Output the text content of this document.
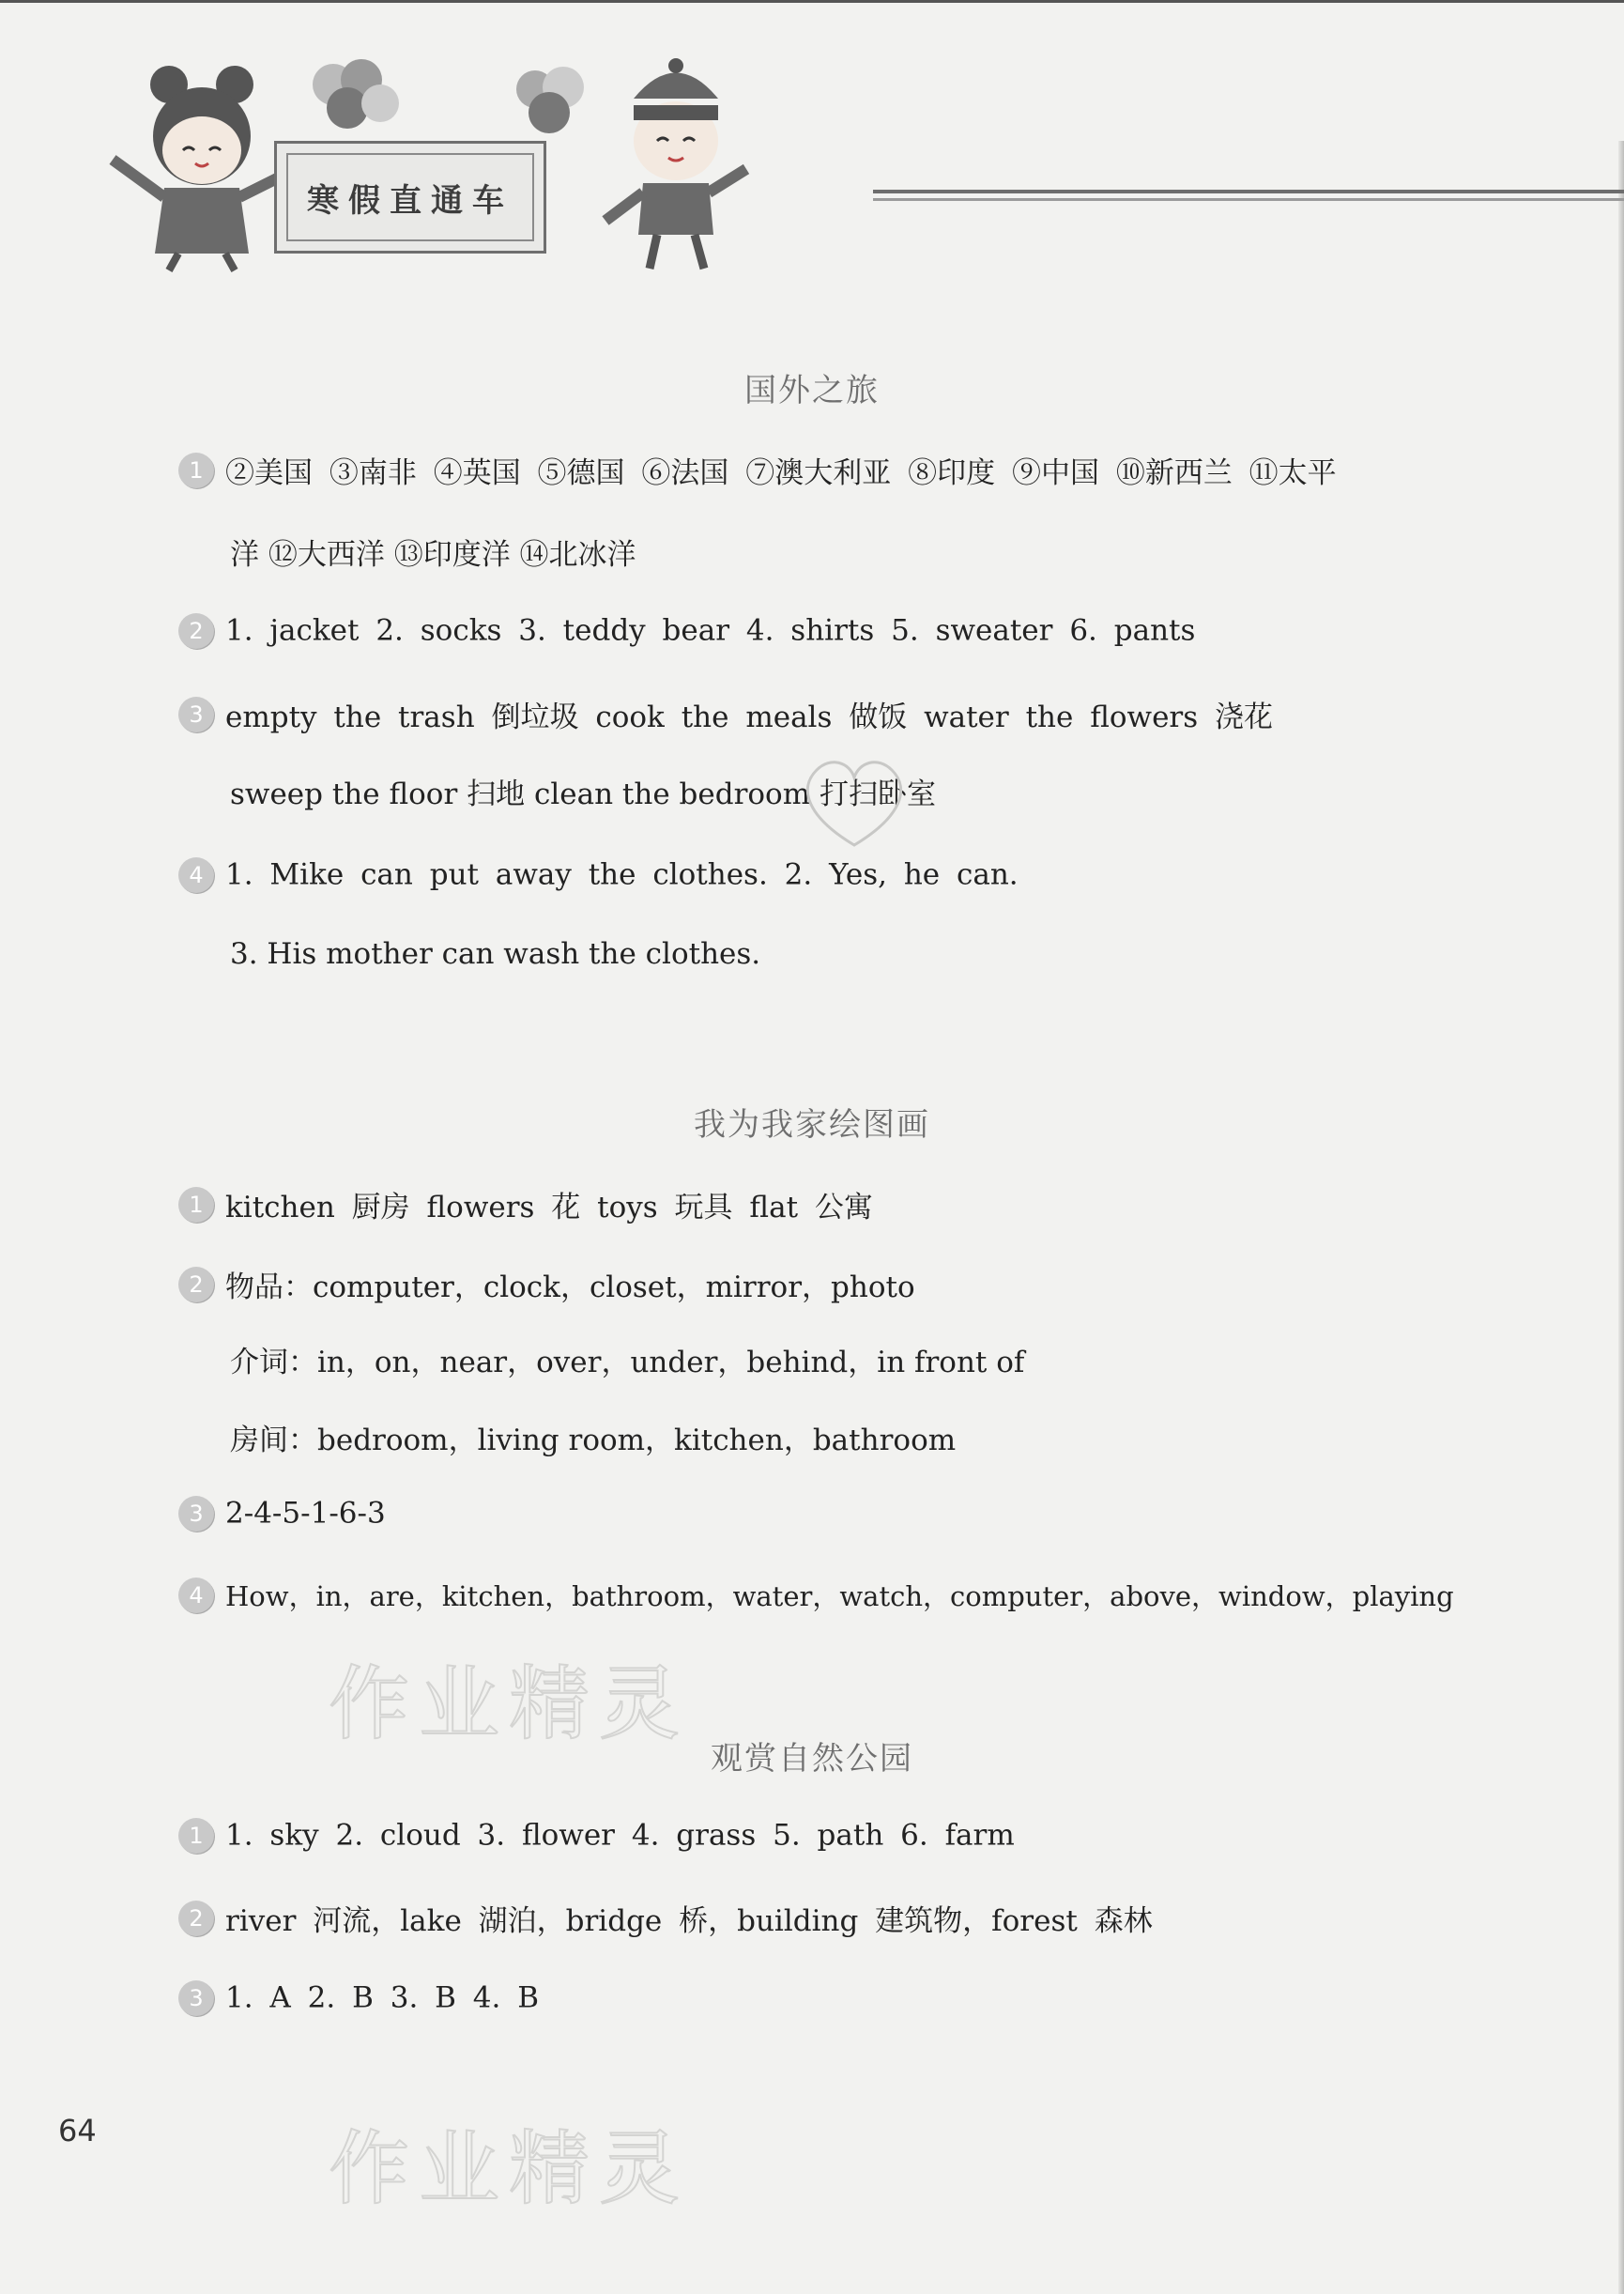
寒假直通车
国外之旅
1 ②美国 ③南非 ④英国 ⑤德国 ⑥法国 ⑦澳大利亚 ⑧印度 ⑨中国 ⑩新西兰 ⑪太平
洋 ⑫大西洋 ⑬印度洋 ⑭北冰洋
2 1. jacket 2. socks 3. teddy bear 4. shirts 5. sweater 6. pants
3 empty the trash 倒垃圾 cook the meals 做饭 water the flowers 浇花
sweep the floor 扫地 clean the bedroom 打扫卧室
4 1. Mike can put away the clothes. 2. Yes, he can.
3. His mother can wash the clothes.
我为我家绘图画
1 kitchen 厨房 flowers 花 toys 玩具 flat 公寓
2 物品：computer，clock，closet，mirror，photo
介词：in，on，near，over，under，behind，in front of
房间：bedroom，living room，kitchen，bathroom
3 2-4-5-1-6-3
4 How，in，are，kitchen，bathroom，water，watch，computer，above，window，playing
作业精灵
观赏自然公园
1 1. sky 2. cloud 3. flower 4. grass 5. path 6. farm
2 river 河流，lake 湖泊，bridge 桥，building 建筑物，forest 森林
3 1. A 2. B 3. B 4. B
64	作业精灵
